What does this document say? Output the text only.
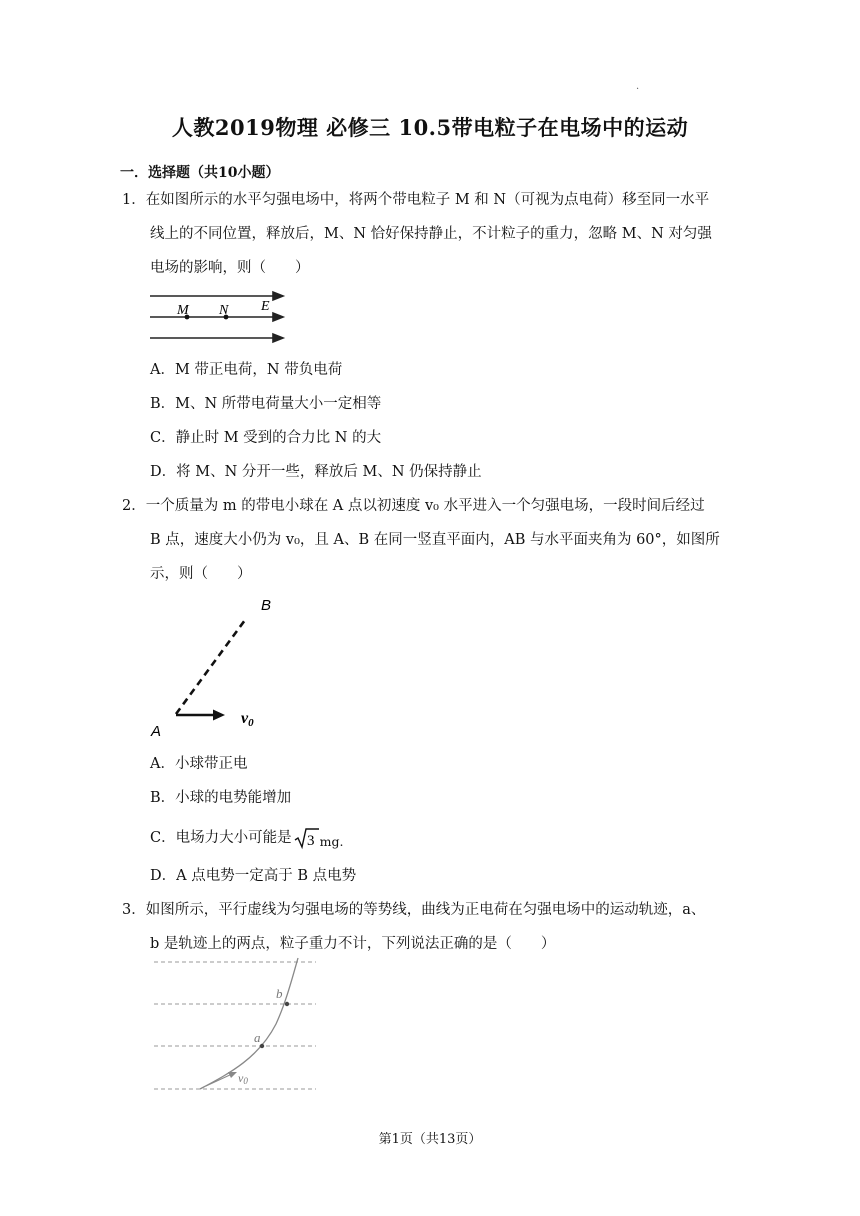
·
人教2019物理 必修三 10.5带电粒子在电场中的运动
一．选择题（共10小题）
1．在如图所示的水平匀强电场中，将两个带电粒子 M 和 N（可视为点电荷）移至同一水平
线上的不同位置，释放后，M、N 恰好保持静止，不计粒子的重力，忽略 M、N 对匀强
电场的影响，则（　　）
M N E
A．M 带正电荷，N 带负电荷
B．M、N 所带电荷量大小一定相等
C．静止时 M 受到的合力比 N 的大
D．将 M、N 分开一些，释放后 M、N 仍保持静止
2．一个质量为 m 的带电小球在 A 点以初速度 v₀ 水平进入一个匀强电场，一段时间后经过
B 点，速度大小仍为 v₀，且 A、B 在同一竖直平面内，AB 与水平面夹角为 60°，如图所
示，则（　　）
B
A
v0
A．小球带正电
B．小球的电势能增加
C．电场力大小可能是 3 mg.
D．A 点电势一定高于 B 点电势
3．如图所示，平行虚线为匀强电场的等势线，曲线为正电荷在匀强电场中的运动轨迹，a、
b 是轨迹上的两点，粒子重力不计，下列说法正确的是（　　）
a
b
v0
第1页（共13页）
